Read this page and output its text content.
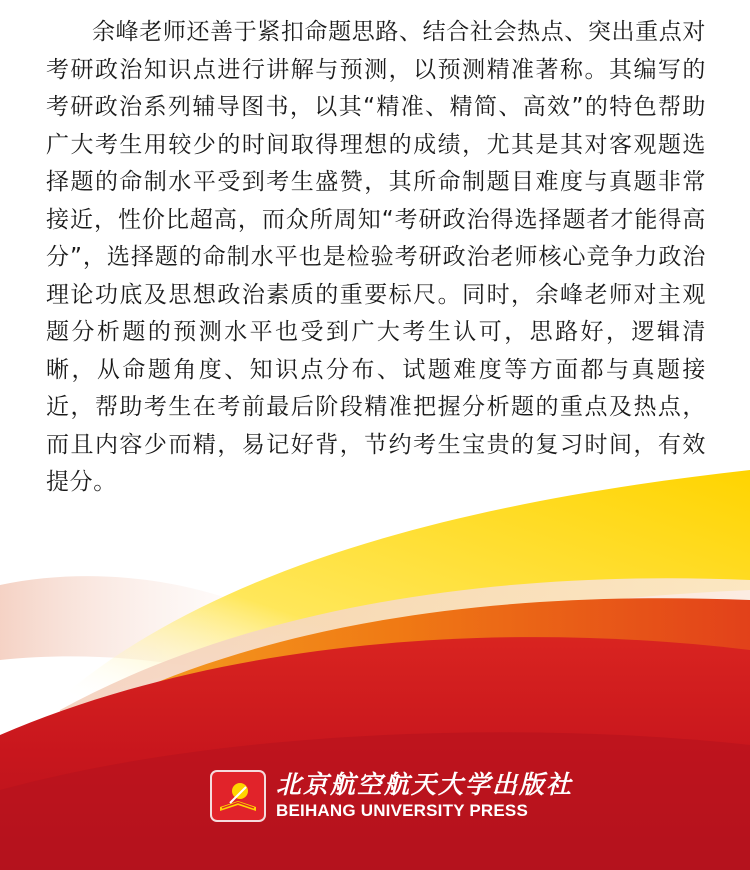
余峰老师还善于紧扣命题思路、结合社会热点、突出重点对考研政治知识点进行讲解与预测，以预测精准著称。其编写的考研政治系列辅导图书，以其“精准、精简、高效”的特色帮助广大考生用较少的时间取得理想的成绩，尤其是其对客观题选择题的命制水平受到考生盛赞，其所命制题目难度与真题非常接近，性价比超高，而众所周知“考研政治得选择题者才能得高分”，选择题的命制水平也是检验考研政治老师核心竞争力政治理论功底及思想政治素质的重要标尺。同时，余峰老师对主观题分析题的预测水平也受到广大考生认可，思路好，逻辑清晰，从命题角度、知识点分布、试题难度等方面都与真题接近，帮助考生在考前最后阶段精准把握分析题的重点及热点，而且内容少而精，易记好背，节约考生宝贵的复习时间，有效提分。

北京航空航天大学出版社
BEIHANG UNIVERSITY PRESS
